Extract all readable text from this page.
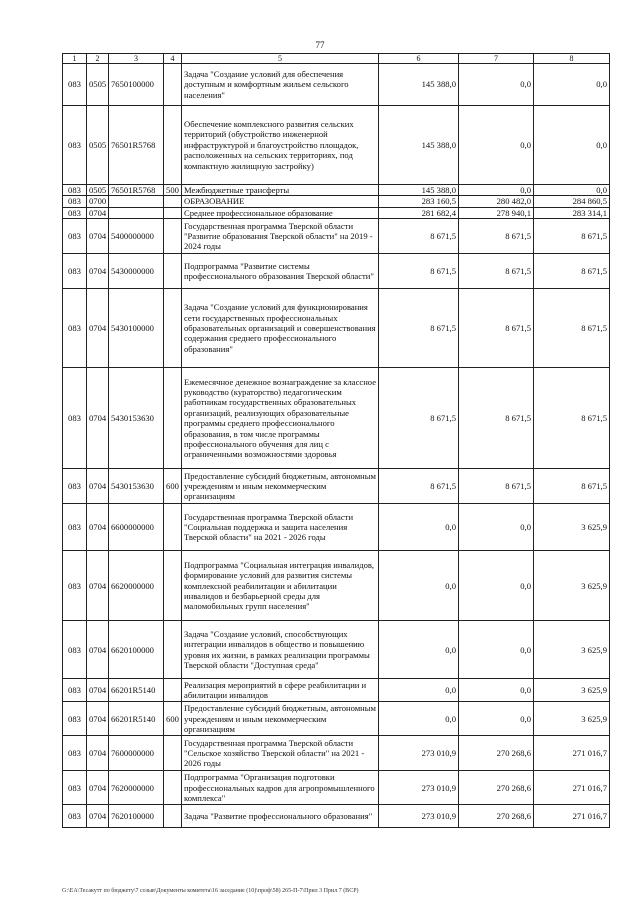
77
1	2	3	4	5	6	7	8
083	0505	7650100000		Задача "Создание условий для обеспечения доступным и комфортным жильем сельского населения"	145 388,0	0,0	0,0
083	0505	76501R5768		Обеспечение комплексного развития сельских территорий (обустройство инженерной инфраструктурой и благоустройство площадок, расположенных на сельских территориях, под компактную жилищную застройку)	145 388,0	0,0	0,0
083	0505	76501R5768	500	Межбюджетные трансферты	145 388,0	0,0	0,0
083	0700			ОБРАЗОВАНИЕ	283 160,5	280 482,0	284 860,5
083	0704			Среднее профессиональное образование	281 682,4	278 940,1	283 314,1
083	0704	5400000000		Государственная программа Тверской области "Развитие образования Тверской области" на 2019 - 2024 годы	8 671,5	8 671,5	8 671,5
083	0704	5430000000		Подпрограмма "Развитие системы профессионального образования Тверской области"	8 671,5	8 671,5	8 671,5
083	0704	5430100000		Задача "Создание условий для функционирования сети государственных профессиональных образовательных организаций и совершенствования содержания среднего профессионального образования"	8 671,5	8 671,5	8 671,5
083	0704	5430153630		Ежемесячное денежное вознаграждение за классное руководство (кураторство) педагогическим работникам государственных образовательных организаций, реализующих образовательные программы среднего профессионального образования, в том числе программы профессионального обучения для лиц с ограниченными возможностями здоровья	8 671,5	8 671,5	8 671,5
083	0704	5430153630	600	Предоставление субсидий бюджетным, автономным учреждениям и иным некоммерческим организациям	8 671,5	8 671,5	8 671,5
083	0704	6600000000		Государственная программа Тверской области "Социальная поддержка и защита населения Тверской области" на 2021 - 2026 годы	0,0	0,0	3 625,9
083	0704	6620000000		Подпрограмма "Социальная интеграция инвалидов, формирование условий для развития системы комплексной реабилитации и абилитации инвалидов и безбарьерной среды для маломобильных групп населения"	0,0	0,0	3 625,9
083	0704	6620100000		Задача "Создание условий, способствующих интеграции инвалидов в общество и повышению уровня их жизни, в рамках реализации программы Тверской области "Доступная среда"	0,0	0,0	3 625,9
083	0704	66201R5140		Реализация мероприятий в сфере реабилитации и абилитации инвалидов	0,0	0,0	3 625,9
083	0704	66201R5140	600	Предоставление субсидий бюджетным, автономным учреждениям и иным некоммерческим организациям	0,0	0,0	3 625,9
083	0704	7600000000		Государственная программа Тверской области "Сельское хозяйство Тверской области" на 2021 - 2026 годы	273 010,9	270 268,6	271 016,7
083	0704	7620000000		Подпрограмма "Организация подготовки профессиональных кадров для агропромышленного комплекса"	273 010,9	270 268,6	271 016,7
083	0704	7620100000		Задача "Развитие профессионального образования"	273 010,9	270 268,6	271 016,7
G:\ЕА\Тесакутт по бюджету\7 созыв\Документы комитета\16 заседание (10)\проф\58) 265-П-7\Прил 3 Прил 7 (ВСР)
